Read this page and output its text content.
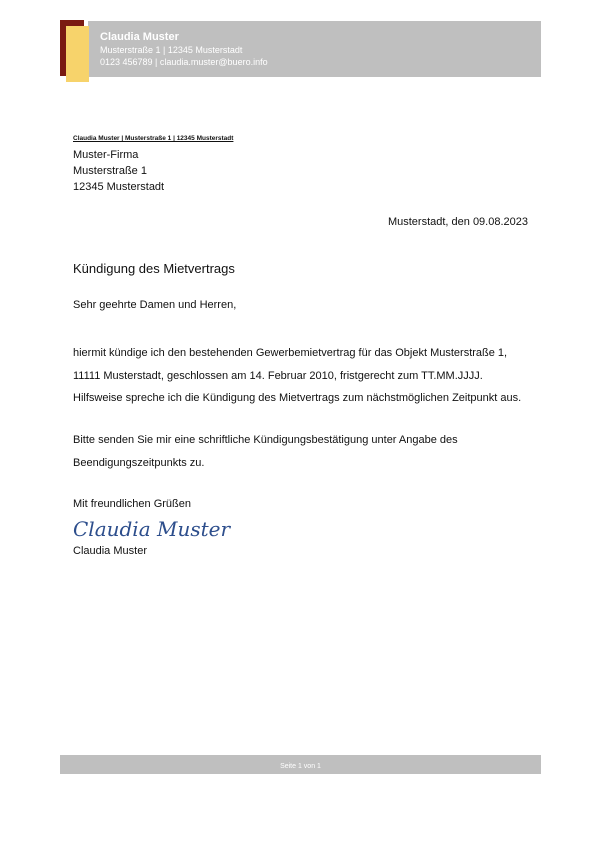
Claudia Muster
Musterstraße 1 | 12345 Musterstadt
0123 456789 | claudia.muster@buero.info
Claudia Muster | Musterstraße 1 | 12345 Musterstadt
Muster-Firma
Musterstraße 1
12345 Musterstadt
Musterstadt, den 09.08.2023
Kündigung des Mietvertrags
Sehr geehrte Damen und Herren,
hiermit kündige ich den bestehenden Gewerbemietvertrag für das Objekt Musterstraße 1,
11111 Musterstadt, geschlossen am 14. Februar 2010, fristgerecht zum TT.MM.JJJJ.
Hilfsweise spreche ich die Kündigung des Mietvertrags zum nächstmöglichen Zeitpunkt aus.
Bitte senden Sie mir eine schriftliche Kündigungsbestätigung unter Angabe des
Beendigungszeitpunkts zu.
Mit freundlichen Grüßen
Claudia Muster
Claudia Muster
Seite 1 von 1
